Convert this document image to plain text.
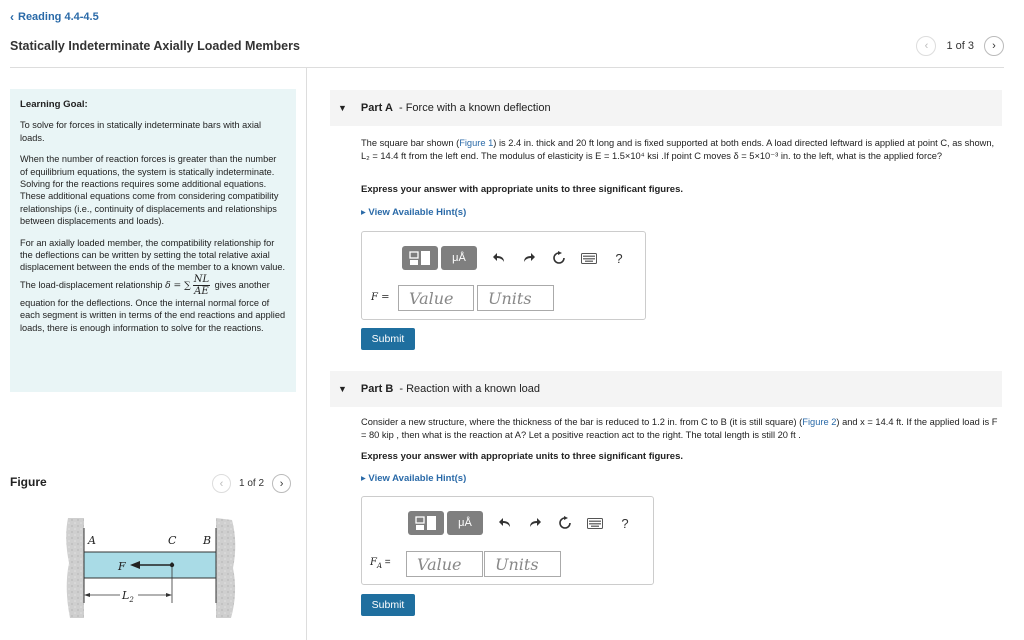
‹ Reading 4.4-4.5
Statically Indeterminate Axially Loaded Members	‹	1 of 3	›
Learning Goal:

To solve for forces in statically indeterminate bars with axial loads.

When the number of reaction forces is greater than the number of equilibrium equations, the system is statically indeterminate. Solving for the reactions requires some additional equations. These additional equations come from considering compatibility relationships (i.e., continuity of displacements and relationships between displacements and loads).

For an axially loaded member, the compatibility relationship for the deflections can be written by setting the total relative axial displacement between the ends of the member to a known value. The load-displacement relationship δ = ∑ $\frac{NL}{AE}$ gives another equation for the deflections. Once the internal normal force of each segment is written in terms of the end reactions and applied loads, there is enough information to solve for the reactions.

Figure	‹	1 of 2	›
A	C B
F
$L_2$
▼ Part A
- Force with a known deflection
The square bar shown (Figure 1) is 2.4 in. thick and 20 ft long and is fixed supported at both ends. A load directed leftward is applied at point C, as shown, L₂ = 14.4 ft from the left end. The modulus of elasticity is E = 1.5×10⁴ ksi .If point C moves δ = 5×10⁻³ in. to the left, what is the applied force?
Express your answer with appropriate units to three significant figures.
▸ View Available Hint(s)
μÅ	?
F =	Value	Units
Submit
▼ Part B
- Reaction with a known load
Consider a new structure, where the thickness of the bar is reduced to 1.2 in. from C to B (it is still square) (Figure 2) and x = 14.4 ft. If the applied load is F = 80 kip , then what is the reaction at A? Let a positive reaction act to the right. The total length is still 20 ft .
Express your answer with appropriate units to three significant figures.
▸ View Available Hint(s)
μÅ	?
$F_A$ =	Value	Units
Submit
